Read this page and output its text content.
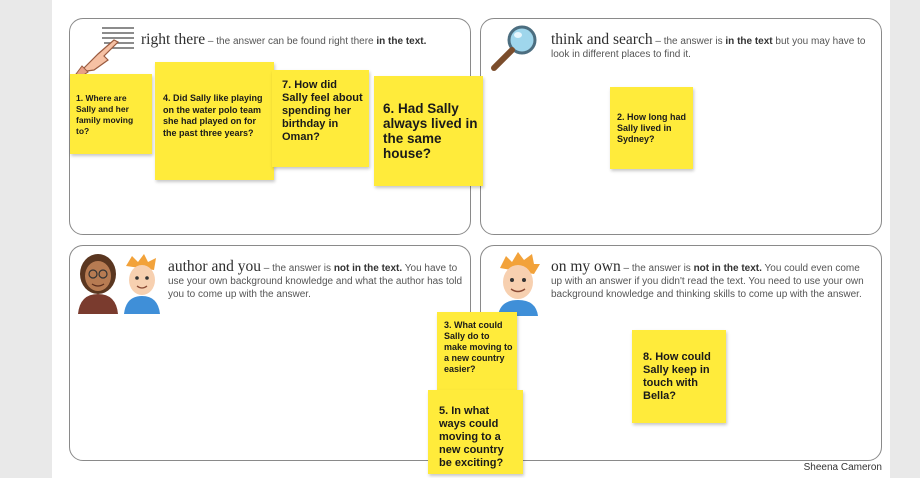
right there – the answer can be found right there in the text.	think and search – the answer is in the text but you may have to look in different places to find it.
author and you – the answer is not in the text. You have to use your own background knowledge and what the author has told you to come up with the answer.
on my own – the answer is not in the text. You could even come up with an answer if you didn't read the text. You need to use your own background knowledge and thinking skills to come up with the answer.
1. Where are Sally and her family moving to?
4. Did Sally like playing on the water polo team she had played on for the past three years?
7. How did Sally feel about spending her birthday in Oman?
6. Had Sally always lived in the same house?
2. How long had Sally lived in Sydney?
3. What could Sally do to make moving to a new country easier?
5. In what ways could moving to a new country be exciting?
8. How could Sally keep in touch with Bella?
Sheena Cameron
